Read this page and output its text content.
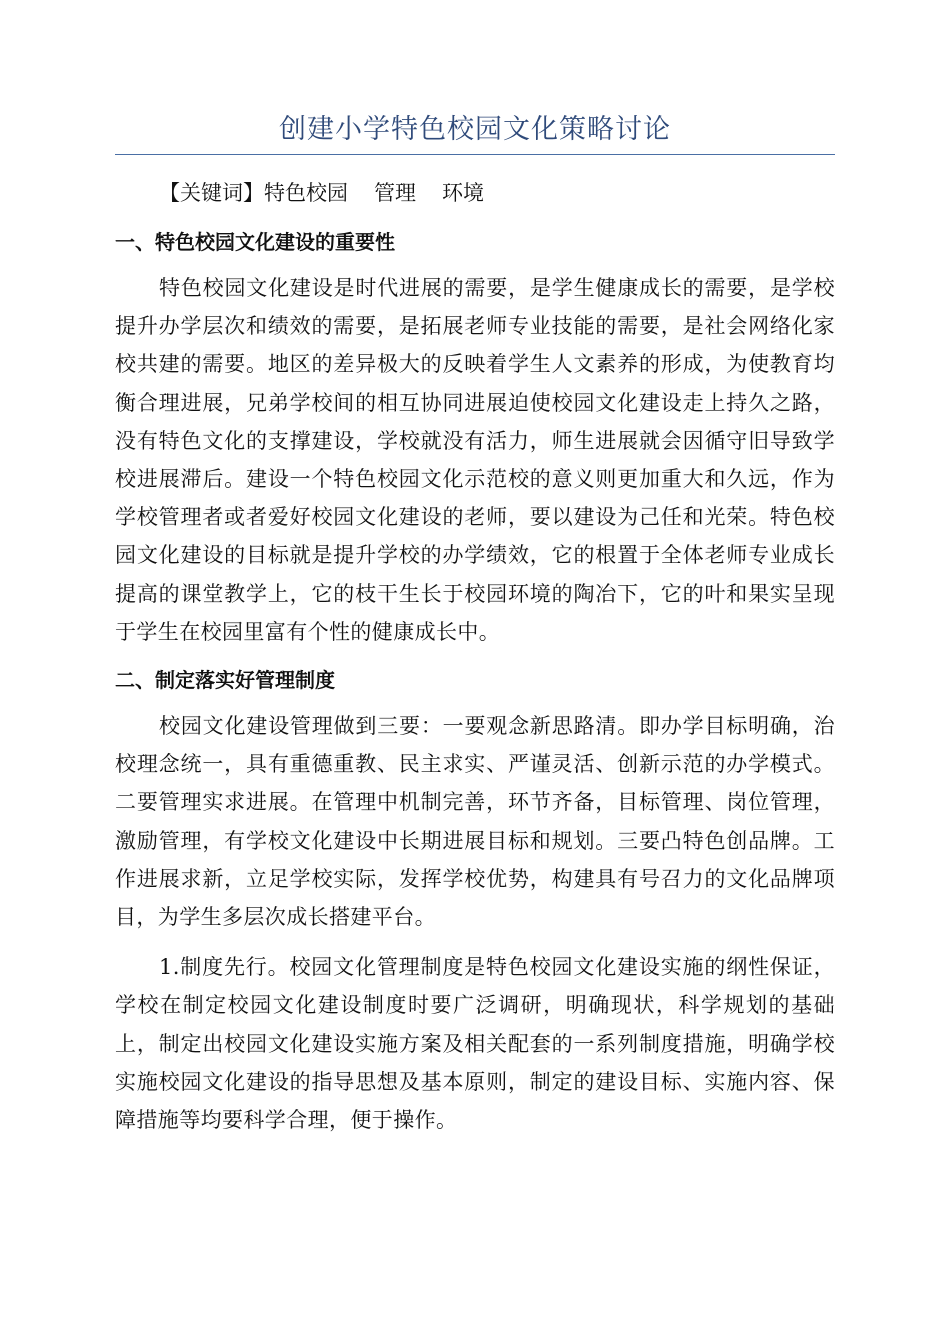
创建小学特色校园文化策略讨论
【关键词】特色校园 管理 环境
一、特色校园文化建设的重要性

特色校园文化建设是时代进展的需要，是学生健康成长的需要，是学校提升办学层次和绩效的需要，是拓展老师专业技能的需要，是社会网络化家校共建的需要。地区的差异极大的反映着学生人文素养的形成，为使教育均衡合理进展，兄弟学校间的相互协同进展迫使校园文化建设走上持久之路，没有特色文化的支撑建设，学校就没有活力，师生进展就会因循守旧导致学校进展滞后。建设一个特色校园文化示范校的意义则更加重大和久远，作为学校管理者或者爱好校园文化建设的老师，要以建设为己任和光荣。特色校园文化建设的目标就是提升学校的办学绩效，它的根置于全体老师专业成长提高的课堂教学上，它的枝干生长于校园环境的陶冶下，它的叶和果实呈现于学生在校园里富有个性的健康成长中。

二、制定落实好管理制度

校园文化建设管理做到三要：一要观念新思路清。即办学目标明确，治校理念统一，具有重德重教、民主求实、严谨灵活、创新示范的办学模式。二要管理实求进展。在管理中机制完善，环节齐备，目标管理、岗位管理，激励管理，有学校文化建设中长期进展目标和规划。三要凸特色创品牌。工作进展求新，立足学校实际，发挥学校优势，构建具有号召力的文化品牌项目，为学生多层次成长搭建平台。

1.制度先行。校园文化管理制度是特色校园文化建设实施的纲性保证，学校在制定校园文化建设制度时要广泛调研，明确现状，科学规划的基础上，制定出校园文化建设实施方案及相关配套的一系列制度措施，明确学校实施校园文化建设的指导思想及基本原则，制定的建设目标、实施内容、保障措施等均要科学合理，便于操作。
